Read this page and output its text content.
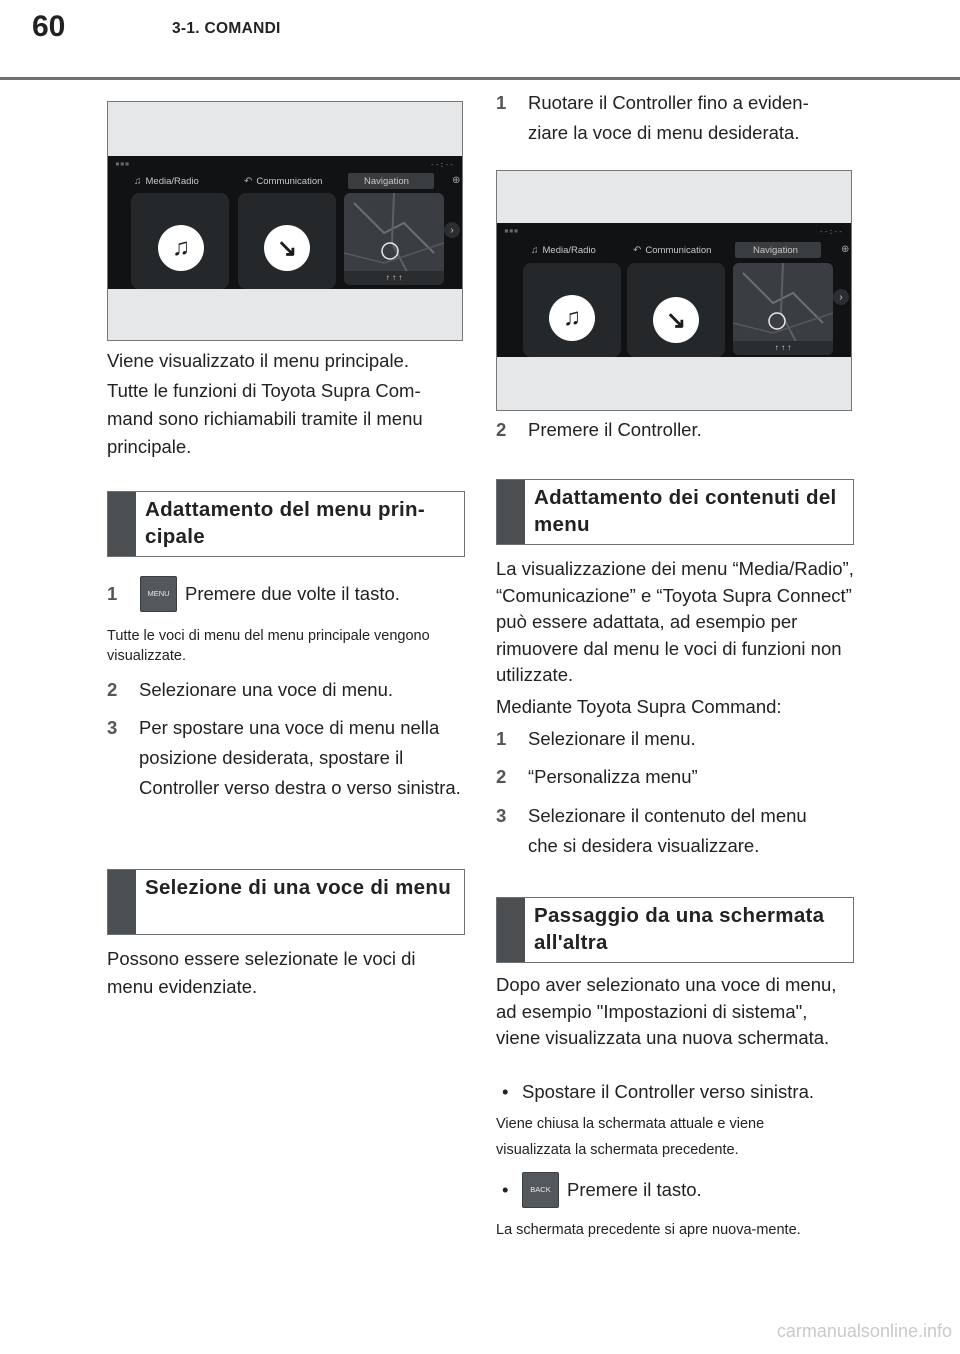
60	3-1. COMANDI
▪▪▪	--:--
♫ Media/Radio	↶ Communication	Navigation	⊕
♫	↘
↑ ↑ ↑
›
Viene visualizzato il menu principale.
Tutte le funzioni di Toyota Supra Com-mand sono richiamabili tramite il menu principale.
Adattamento del menu prin-cipale
1	MENU Premere due volte il tasto.
Tutte le voci di menu del menu principale vengono visualizzate.
2 Selezionare una voce di menu.
3 Per spostare una voce di menu nella posizione desiderata, spostare il Controller verso destra o verso sinistra.
Selezione di una voce di menu
Possono essere selezionate le voci di menu evidenziate.
1 Ruotare il Controller fino a eviden-ziare la voce di menu desiderata.
▪▪▪	--:--
♫ Media/Radio	↶ Communication	Navigation	⊕
♫	↘
↑ ↑ ↑
›
2 Premere il Controller.
Adattamento dei contenuti del menu
La visualizzazione dei menu “Media/Radio”, “Comunicazione” e “Toyota Supra Connect” può essere adattata, ad esempio per rimuovere dal menu le voci di funzioni non utilizzate.
Mediante Toyota Supra Command:
1 Selezionare il menu.
2 “Personalizza menu”
3 Selezionare il contenuto del menu che si desidera visualizzare.
Passaggio da una schermata all'altra
Dopo aver selezionato una voce di menu, ad esempio "Impostazioni di sistema", viene visualizzata una nuova schermata.
• Spostare il Controller verso sinistra.
Viene chiusa la schermata attuale e viene visualizzata la schermata precedente.
•	BACK Premere il tasto.
La schermata precedente si apre nuova-mente.
carmanualsonline.info
